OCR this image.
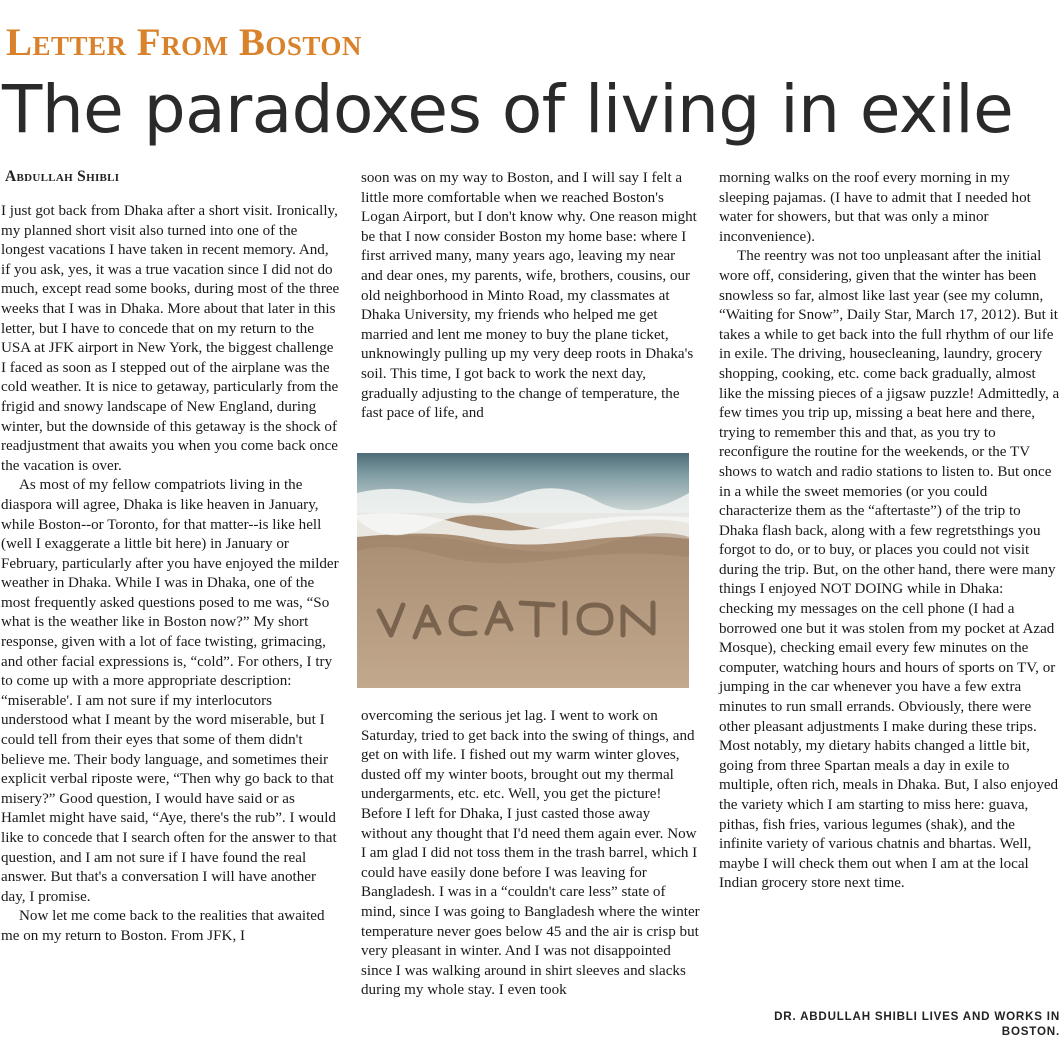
Letter From Boston
The paradoxes of living in exile
Abdullah Shibli

I just got back from Dhaka after a short visit. Ironically, my planned short visit also turned into one of the longest vacations I have taken in recent memory. And, if you ask, yes, it was a true vacation since I did not do much, except read some books, during most of the three weeks that I was in Dhaka. More about that later in this letter, but I have to concede that on my return to the USA at JFK airport in New York, the biggest challenge I faced as soon as I stepped out of the airplane was the cold weather. It is nice to getaway, particularly from the frigid and snowy landscape of New England, during winter, but the downside of this getaway is the shock of readjustment that awaits you when you come back once the vacation is over.

As most of my fellow compatriots living in the diaspora will agree, Dhaka is like heaven in January, while Boston--or Toronto, for that matter--is like hell (well I exaggerate a little bit here) in January or February, particularly after you have enjoyed the milder weather in Dhaka. While I was in Dhaka, one of the most frequently asked questions posed to me was, “So what is the weather like in Boston now?” My short response, given with a lot of face twisting, grimacing, and other facial expressions is, “cold”. For others, I try to come up with a more appropriate description: “miserable'. I am not sure if my interlocutors understood what I meant by the word miserable, but I could tell from their eyes that some of them didn't believe me. Their body language, and sometimes their explicit verbal riposte were, “Then why go back to that misery?” Good question, I would have said or as Hamlet might have said, “Aye, there's the rub”. I would like to concede that I search often for the answer to that question, and I am not sure if I have found the real answer. But that's a conversation I will have another day, I promise.

Now let me come back to the realities that awaited me on my return to Boston. From JFK, I

soon was on my way to Boston, and I will say I felt a little more comfortable when we reached Boston's Logan Airport, but I don't know why. One reason might be that I now consider Boston my home base: where I first arrived many, many years ago, leaving my near and dear ones, my parents, wife, brothers, cousins, our old neighborhood in Minto Road, my classmates at Dhaka University, my friends who helped me get married and lent me money to buy the plane ticket, unknowingly pulling up my very deep roots in Dhaka's soil. This time, I got back to work the next day, gradually adjusting to the change of temperature, the fast pace of life, and

VACATION

overcoming the serious jet lag. I went to work on Saturday, tried to get back into the swing of things, and get on with life. I fished out my warm winter gloves, dusted off my winter boots, brought out my thermal undergarments, etc. etc. Well, you get the picture! Before I left for Dhaka, I just casted those away without any thought that I'd need them again ever. Now I am glad I did not toss them in the trash barrel, which I could have easily done before I was leaving for Bangladesh. I was in a “couldn't care less” state of mind, since I was going to Bangladesh where the winter temperature never goes below 45 and the air is crisp but very pleasant in winter. And I was not disappointed since I was walking around in shirt sleeves and slacks during my whole stay. I even took

morning walks on the roof every morning in my sleeping pajamas. (I have to admit that I needed hot water for showers, but that was only a minor inconvenience).

The reentry was not too unpleasant after the initial wore off, considering, given that the winter has been snowless so far, almost like last year (see my column, “Waiting for Snow”, Daily Star, March 17, 2012). But it takes a while to get back into the full rhythm of our life in exile. The driving, housecleaning, laundry, grocery shopping, cooking, etc. come back gradually, almost like the missing pieces of a jigsaw puzzle! Admittedly, a few times you trip up, missing a beat here and there, trying to remember this and that, as you try to reconfigure the routine for the weekends, or the TV shows to watch and radio stations to listen to. But once in a while the sweet memories (or you could characterize them as the “aftertaste”) of the trip to Dhaka flash back, along with a few regretsthings you forgot to do, or to buy, or places you could not visit during the trip. But, on the other hand, there were many things I enjoyed NOT DOING while in Dhaka: checking my messages on the cell phone (I had a borrowed one but it was stolen from my pocket at Azad Mosque), checking email every few minutes on the computer, watching hours and hours of sports on TV, or jumping in the car whenever you have a few extra minutes to run small errands. Obviously, there were other pleasant adjustments I make during these trips. Most notably, my dietary habits changed a little bit, going from three Spartan meals a day in exile to multiple, often rich, meals in Dhaka. But, I also enjoyed the variety which I am starting to miss here: guava, pithas, fish fries, various legumes (shak), and the infinite variety of various chatnis and bhartas. Well, maybe I will check them out when I am at the local Indian grocery store next time.

DR. ABDULLAH SHIBLI LIVES AND WORKS IN BOSTON.
